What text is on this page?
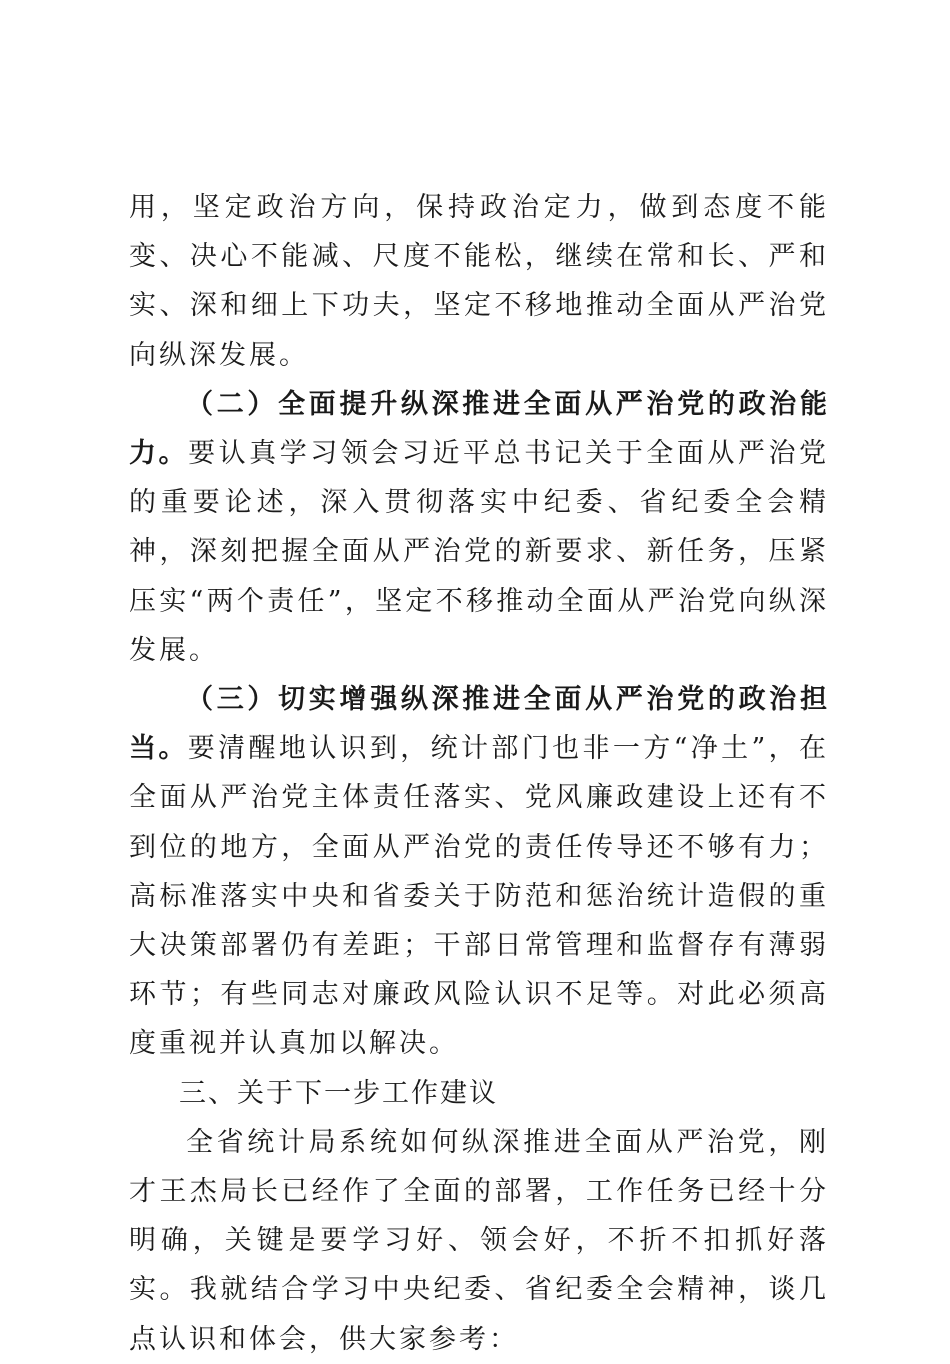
用，坚定政治方向，保持政治定力，做到态度不能变、决心不能减、尺度不能松，继续在常和长、严和实、深和细上下功夫，坚定不移地推动全面从严治党向纵深发展。

（二）全面提升纵深推进全面从严治党的政治能力。要认真学习领会习近平总书记关于全面从严治党的重要论述，深入贯彻落实中纪委、省纪委全会精神，深刻把握全面从严治党的新要求、新任务，压紧压实“两个责任”，坚定不移推动全面从严治党向纵深发展。

（三）切实增强纵深推进全面从严治党的政治担当。要清醒地认识到，统计部门也非一方“净土”，在全面从严治党主体责任落实、党风廉政建设上还有不到位的地方，全面从严治党的责任传导还不够有力；高标准落实中央和省委关于防范和惩治统计造假的重大决策部署仍有差距；干部日常管理和监督存有薄弱环节；有些同志对廉政风险认识不足等。对此必须高度重视并认真加以解决。

三、关于下一步工作建议

全省统计局系统如何纵深推进全面从严治党，刚才王杰局长已经作了全面的部署，工作任务已经十分明确，关键是要学习好、领会好，不折不扣抓好落实。我就结合学习中央纪委、省纪委全会精神，谈几点认识和体会，供大家参考：
